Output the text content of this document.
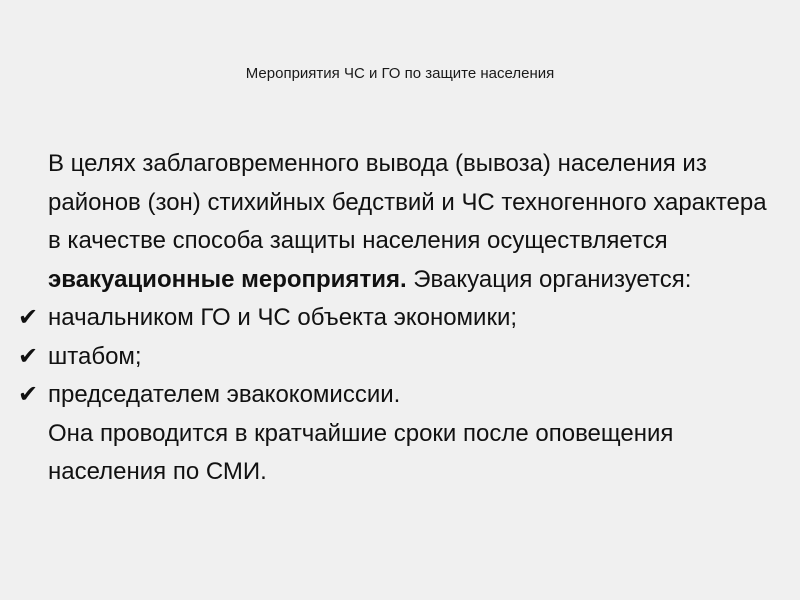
Мероприятия ЧС и ГО по защите населения

В целях заблаговременного вывода (вывоза) населения из районов (зон) стихийных бедствий и ЧС техногенного характера в качестве способа защиты населения осуществляется эвакуационные мероприятия. Эвакуация организуется:

✔ начальником ГО и ЧС объекта экономики;
✔ штабом;
✔ председателем эвакокомиссии.

Она проводится в кратчайшие сроки после оповещения населения по СМИ.
